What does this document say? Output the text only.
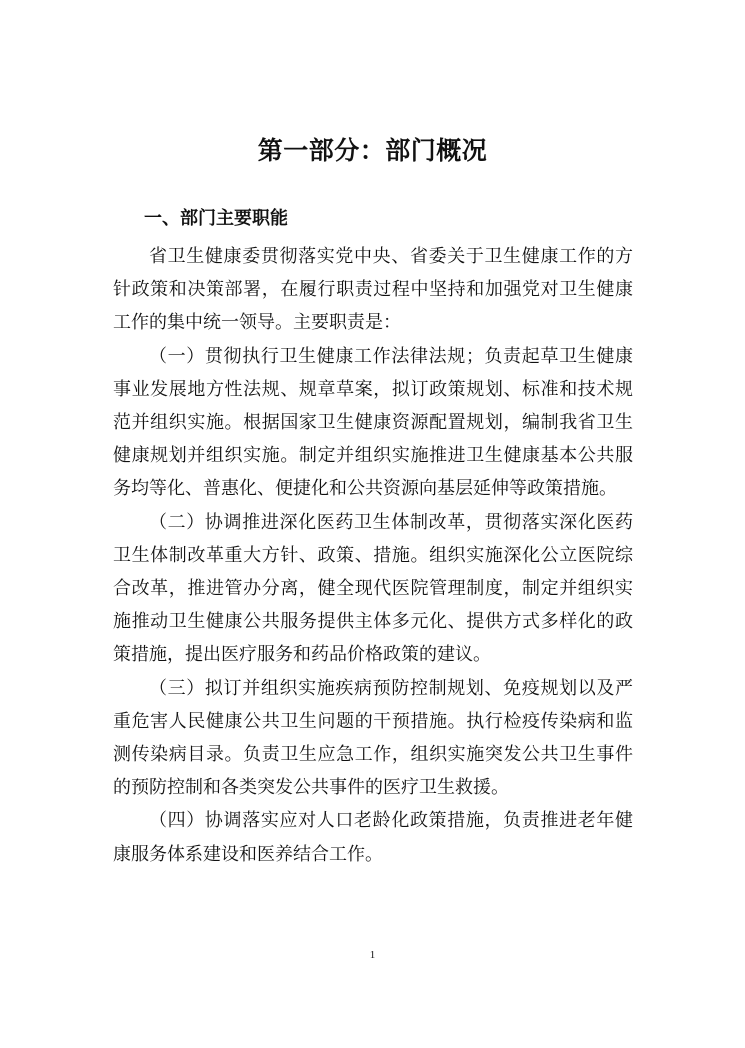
第一部分：部门概况
一、部门主要职能

省卫生健康委贯彻落实党中央、省委关于卫生健康工作的方针政策和决策部署，在履行职责过程中坚持和加强党对卫生健康工作的集中统一领导。主要职责是：

（一）贯彻执行卫生健康工作法律法规；负责起草卫生健康事业发展地方性法规、规章草案，拟订政策规划、标准和技术规范并组织实施。根据国家卫生健康资源配置规划，编制我省卫生健康规划并组织实施。制定并组织实施推进卫生健康基本公共服务均等化、普惠化、便捷化和公共资源向基层延伸等政策措施。

（二）协调推进深化医药卫生体制改革，贯彻落实深化医药卫生体制改革重大方针、政策、措施。组织实施深化公立医院综合改革，推进管办分离，健全现代医院管理制度，制定并组织实施推动卫生健康公共服务提供主体多元化、提供方式多样化的政策措施，提出医疗服务和药品价格政策的建议。

（三）拟订并组织实施疾病预防控制规划、免疫规划以及严重危害人民健康公共卫生问题的干预措施。执行检疫传染病和监测传染病目录。负责卫生应急工作，组织实施突发公共卫生事件的预防控制和各类突发公共事件的医疗卫生救援。

（四）协调落实应对人口老龄化政策措施，负责推进老年健康服务体系建设和医养结合工作。

1
